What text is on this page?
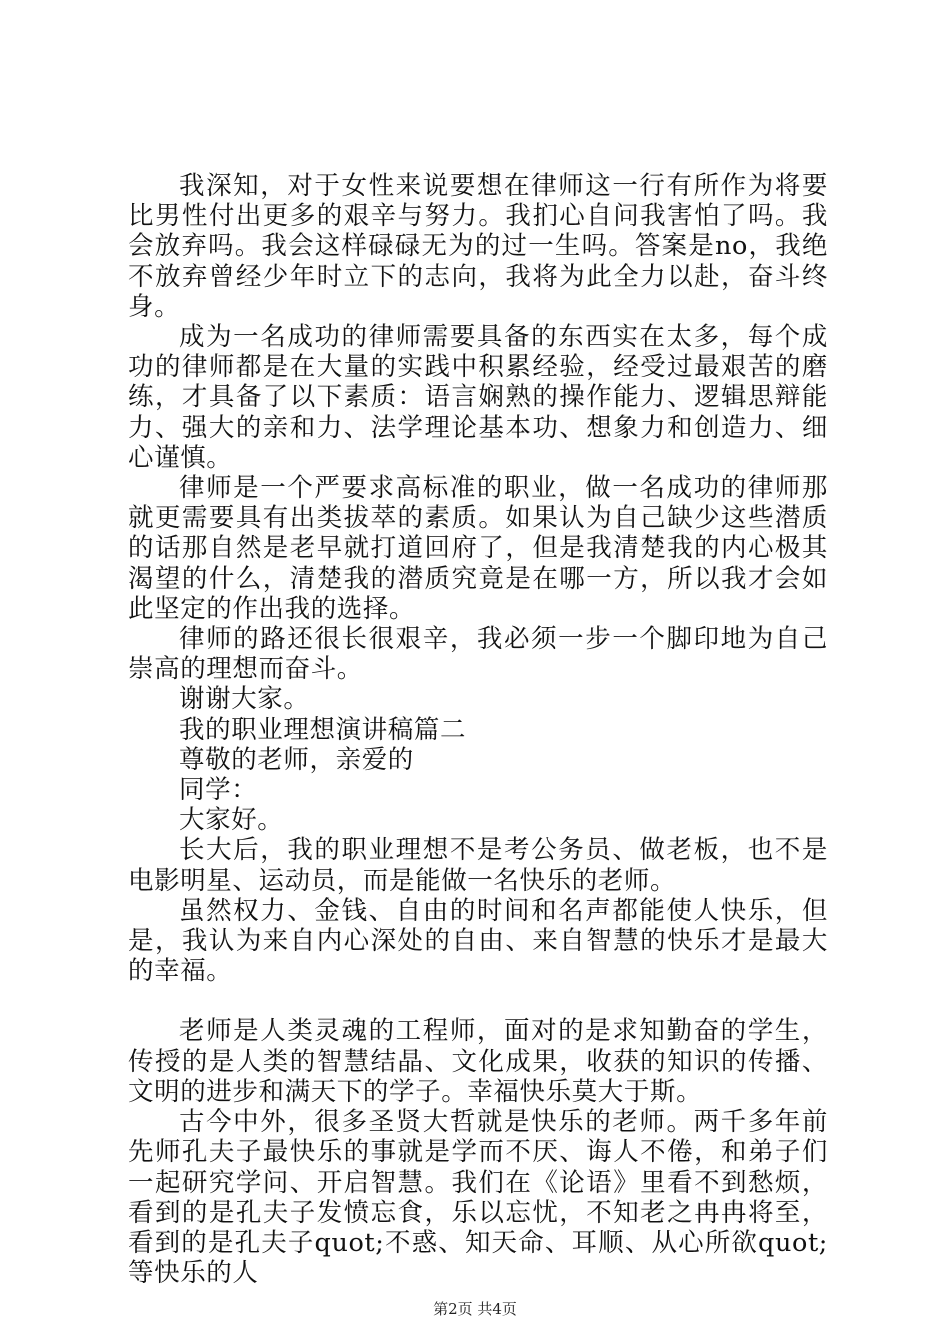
我深知，对于女性来说要想在律师这一行有所作为将要比男性付出更多的艰辛与努力。我扪心自问我害怕了吗。我会放弃吗。我会这样碌碌无为的过一生吗。答案是no，我绝不放弃曾经少年时立下的志向，我将为此全力以赴，奋斗终身。

成为一名成功的律师需要具备的东西实在太多，每个成功的律师都是在大量的实践中积累经验，经受过最艰苦的磨练，才具备了以下素质：语言娴熟的操作能力、逻辑思辩能力、强大的亲和力、法学理论基本功、想象力和创造力、细心谨慎。

律师是一个严要求高标准的职业，做一名成功的律师那就更需要具有出类拔萃的素质。如果认为自己缺少这些潜质的话那自然是老早就打道回府了，但是我清楚我的内心极其渴望的什么，清楚我的潜质究竟是在哪一方，所以我才会如此坚定的作出我的选择。

律师的路还很长很艰辛，我必须一步一个脚印地为自己崇高的理想而奋斗。

谢谢大家。

我的职业理想演讲稿篇二

尊敬的老师，亲爱的

同学：

大家好。

长大后，我的职业理想不是考公务员、做老板，也不是电影明星、运动员，而是能做一名快乐的老师。

虽然权力、金钱、自由的时间和名声都能使人快乐，但是，我认为来自内心深处的自由、来自智慧的快乐才是最大的幸福。

老师是人类灵魂的工程师，面对的是求知勤奋的学生，传授的是人类的智慧结晶、文化成果，收获的知识的传播、文明的进步和满天下的学子。幸福快乐莫大于斯。

古今中外，很多圣贤大哲就是快乐的老师。两千多年前先师孔夫子最快乐的事就是学而不厌、诲人不倦，和弟子们一起研究学问、开启智慧。我们在《论语》里看不到愁烦，看到的是孔夫子发愤忘食，乐以忘忧，不知老之冉冉将至，看到的是孔夫子quot;不惑、知天命、耳顺、从心所欲quot;等快乐的人

第2页 共4页
